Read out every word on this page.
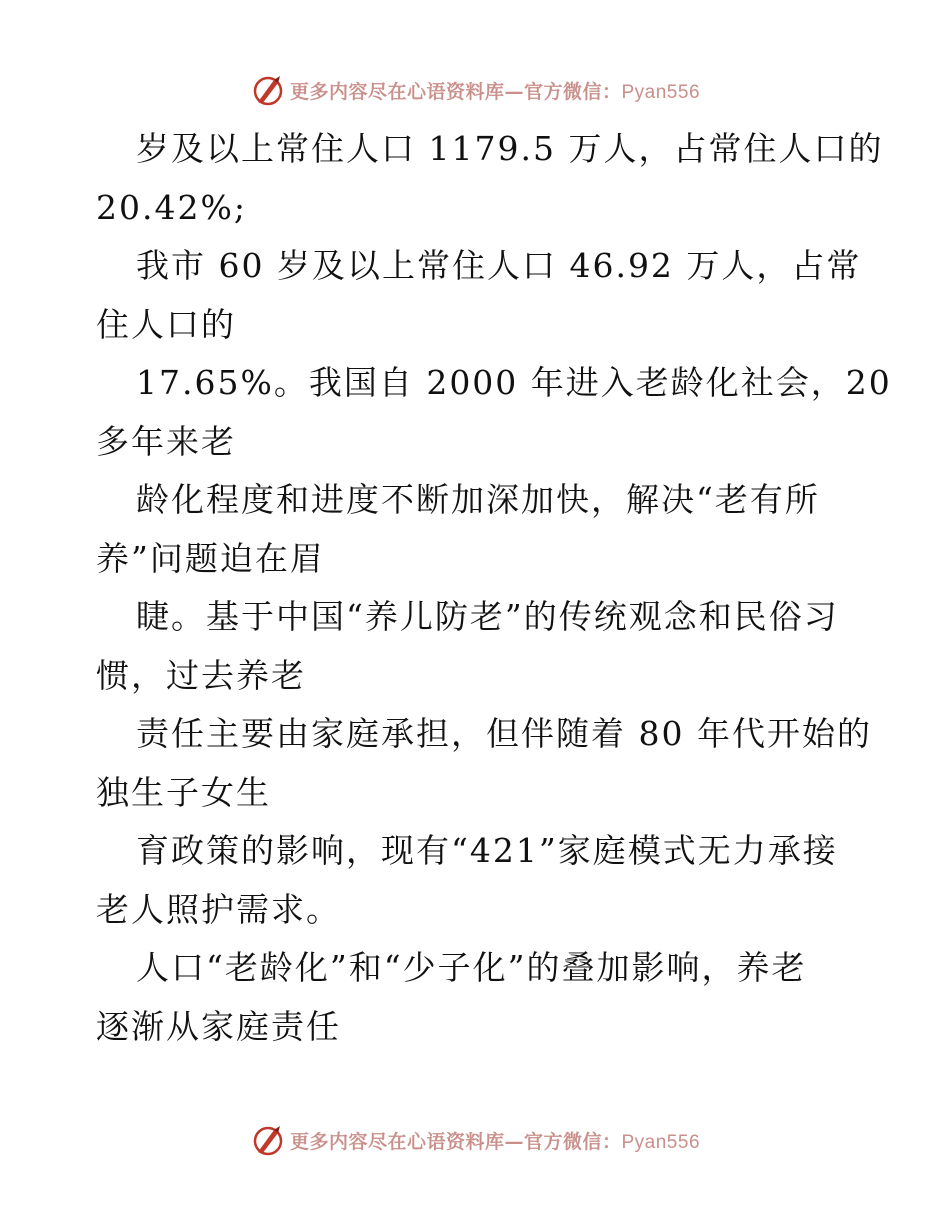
更多内容尽在心语资料库—官方微信：Pyan556
岁及以上常住人口 1179.5 万人，占常住人口的
20.42%;
我市 60 岁及以上常住人口 46.92 万人，占常
住人口的
17.65%。我国自 2000 年进入老龄化社会，20
多年来老
龄化程度和进度不断加深加快，解决“老有所
养”问题迫在眉
睫。基于中国“养儿防老”的传统观念和民俗习
惯，过去养老
责任主要由家庭承担，但伴随着 80 年代开始的
独生子女生
育政策的影响，现有“421”家庭模式无力承接
老人照护需求。
人口“老龄化”和“少子化”的叠加影响，养老
逐渐从家庭责任
更多内容尽在心语资料库—官方微信：Pyan556
